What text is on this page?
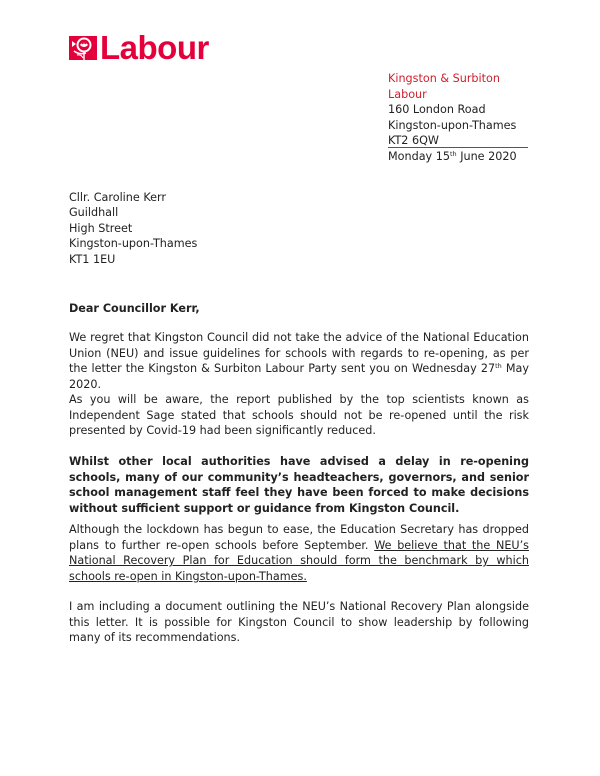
Labour
Kingston & Surbiton Labour
160 London Road
Kingston-upon-Thames
KT2 6QW
Monday 15th June 2020
Cllr. Caroline Kerr
Guildhall
High Street
Kingston-upon-Thames
KT1 1EU
Dear Councillor Kerr,
We regret that Kingston Council did not take the advice of the National Education Union (NEU) and issue guidelines for schools with regards to re-opening, as per the letter the Kingston & Surbiton Labour Party sent you on Wednesday 27th May 2020.
As you will be aware, the report published by the top scientists known as Independent Sage stated that schools should not be re-opened until the risk presented by Covid-19 had been significantly reduced.
Whilst other local authorities have advised a delay in re-opening schools, many of our community’s headteachers, governors, and senior school management staff feel they have been forced to make decisions without sufficient support or guidance from Kingston Council.
Although the lockdown has begun to ease, the Education Secretary has dropped plans to further re-open schools before September. We believe that the NEU’s National Recovery Plan for Education should form the benchmark by which schools re-open in Kingston-upon-Thames.
I am including a document outlining the NEU’s National Recovery Plan alongside this letter. It is possible for Kingston Council to show leadership by following many of its recommendations.
